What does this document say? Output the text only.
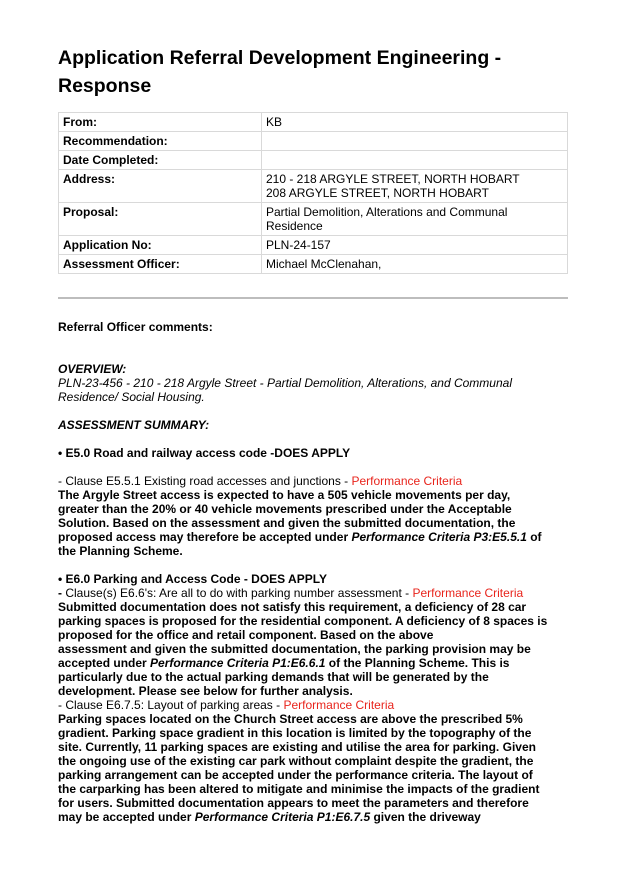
Application Referral Development Engineering - Response
From:	KB

Recommendation:	

Date Completed:	

Address:	210 - 218 ARGYLE STREET, NORTH HOBART
208 ARGYLE STREET, NORTH HOBART

Proposal:	Partial Demolition, Alterations and Communal
Residence

Application No:	PLN-24-157

Assessment Officer:	Michael McClenahan,

Referral Officer comments:

OVERVIEW:

PLN-23-456 - 210 - 218 Argyle Street - Partial Demolition, Alterations, and Communal

Residence/ Social Housing.

ASSESSMENT SUMMARY:

• E5.0 Road and railway access code -DOES APPLY

- Clause E5.5.1 Existing road accesses and junctions - Performance Criteria

The Argyle Street access is expected to have a 505 vehicle movements per day,

greater than the 20% or 40 vehicle movements prescribed under the Acceptable

Solution. Based on the assessment and given the submitted documentation, the

proposed access may therefore be accepted under Performance Criteria P3:E5.5.1 of

the Planning Scheme.

• E6.0 Parking and Access Code - DOES APPLY

- Clause(s) E6.6's: Are all to do with parking number assessment - Performance Criteria

Submitted documentation does not satisfy this requirement, a deficiency of 28 car

parking spaces is proposed for the residential component. A deficiency of 8 spaces is

proposed for the office and retail component. Based on the above

assessment and given the submitted documentation, the parking provision may be

accepted under Performance Criteria P1:E6.6.1 of the Planning Scheme. This is

particularly due to the actual parking demands that will be generated by the

development. Please see below for further analysis.

- Clause E6.7.5: Layout of parking areas - Performance Criteria

Parking spaces located on the Church Street access are above the prescribed 5%

gradient. Parking space gradient in this location is limited by the topography of the

site. Currently, 11 parking spaces are existing and utilise the area for parking. Given

the ongoing use of the existing car park without complaint despite the gradient, the

parking arrangement can be accepted under the performance criteria. The layout of

the carparking has been altered to mitigate and minimise the impacts of the gradient

for users. Submitted documentation appears to meet the parameters and therefore

may be accepted under Performance Criteria P1:E6.7.5 given the driveway
